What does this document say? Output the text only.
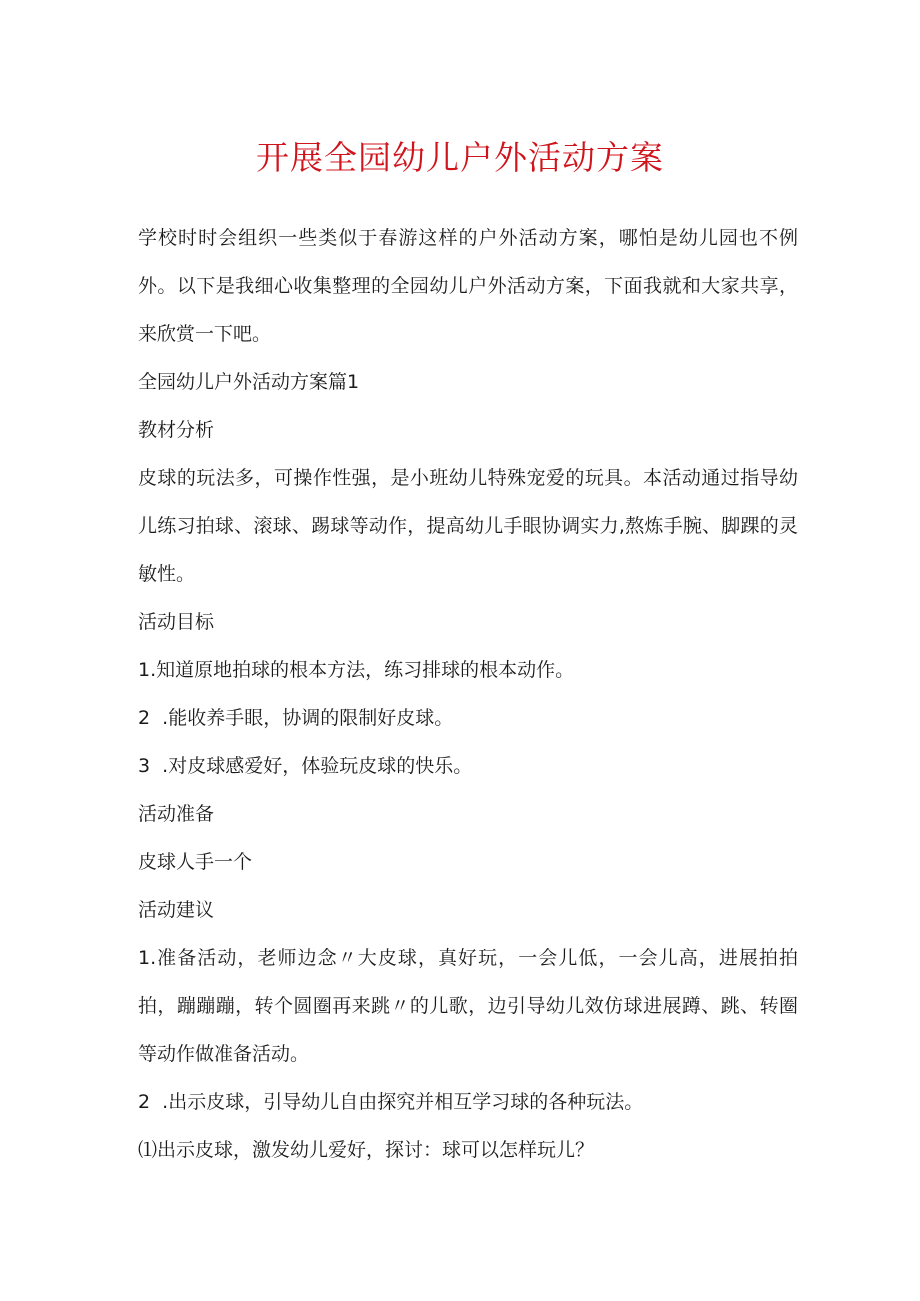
开展全园幼儿户外活动方案

学校时时会组织一些类似于春游这样的户外活动方案，哪怕是幼儿园也不例外。以下是我细心收集整理的全园幼儿户外活动方案，下面我就和大家共享，来欣赏一下吧。

全园幼儿户外活动方案篇1

教材分析

皮球的玩法多，可操作性强，是小班幼儿特殊宠爱的玩具。本活动通过指导幼儿练习拍球、滚球、踢球等动作，提高幼儿手眼协调实力,熬炼手腕、脚踝的灵敏性。

活动目标

1.知道原地拍球的根本方法，练习排球的根本动作。

2  .能收养手眼，协调的限制好皮球。

3  .对皮球感爱好，体验玩皮球的快乐。

活动准备

皮球人手一个

活动建议

1.准备活动，老师边念〃大皮球，真好玩，一会儿低，一会儿高，进展拍拍拍，蹦蹦蹦，转个圆圈再来跳〃的儿歌，边引导幼儿效仿球进展蹲、跳、转圈等动作做准备活动。

2  .出示皮球，引导幼儿自由探究并相互学习球的各种玩法。

⑴出示皮球，激发幼儿爱好，探讨：球可以怎样玩儿？
